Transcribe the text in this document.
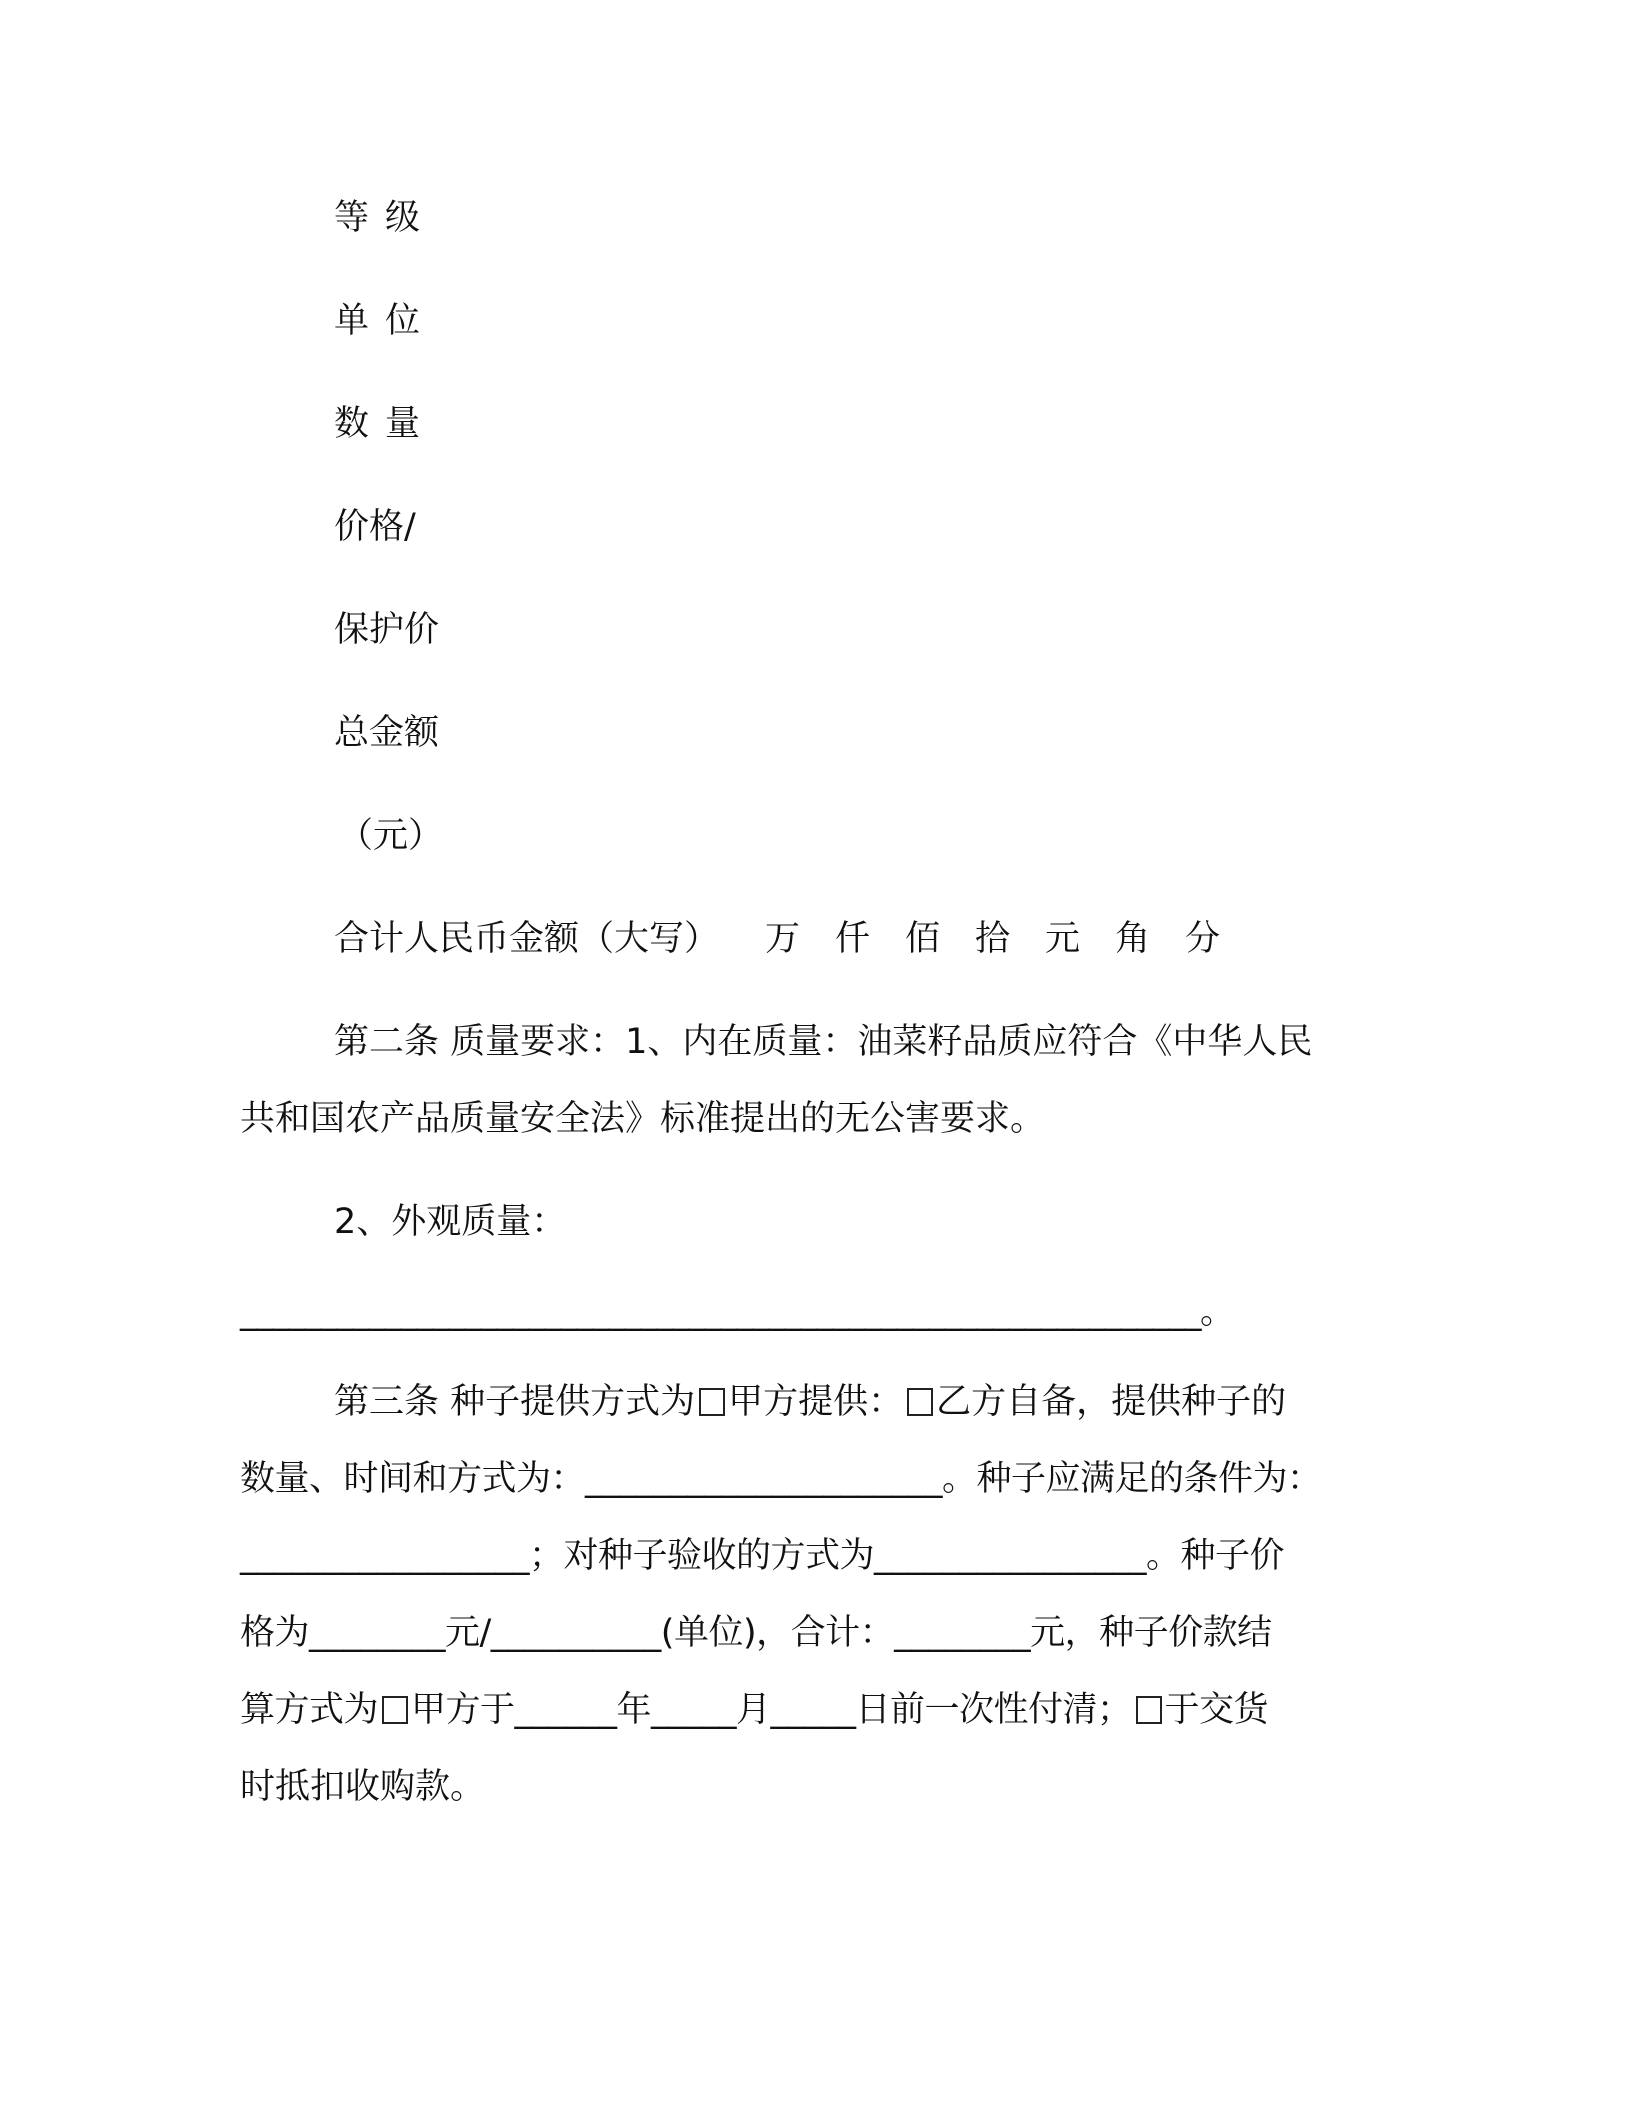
等级
单位
数量
价格/
保护价
总金额
（元）
合计人民币金额（大写） 万 仟 佰 拾 元 角 分
第二条 质量要求：1、内在质量：油菜籽品质应符合《中华人民
共和国农产品质量安全法》标准提出的无公害要求。
2、外观质量：
____________________________________________________________。
第三条 种子提供方式为 甲方提供： 乙方自备，提供种子的
数量、时间和方式为：_____________________。种子应满足的条件为：
_________________；对种子验收的方式为________________。种子价
格为________元/__________(单位)，合计：________元，种子价款结
算方式为 甲方于______年_____月_____日前一次性付清； 于交货
时抵扣收购款。
